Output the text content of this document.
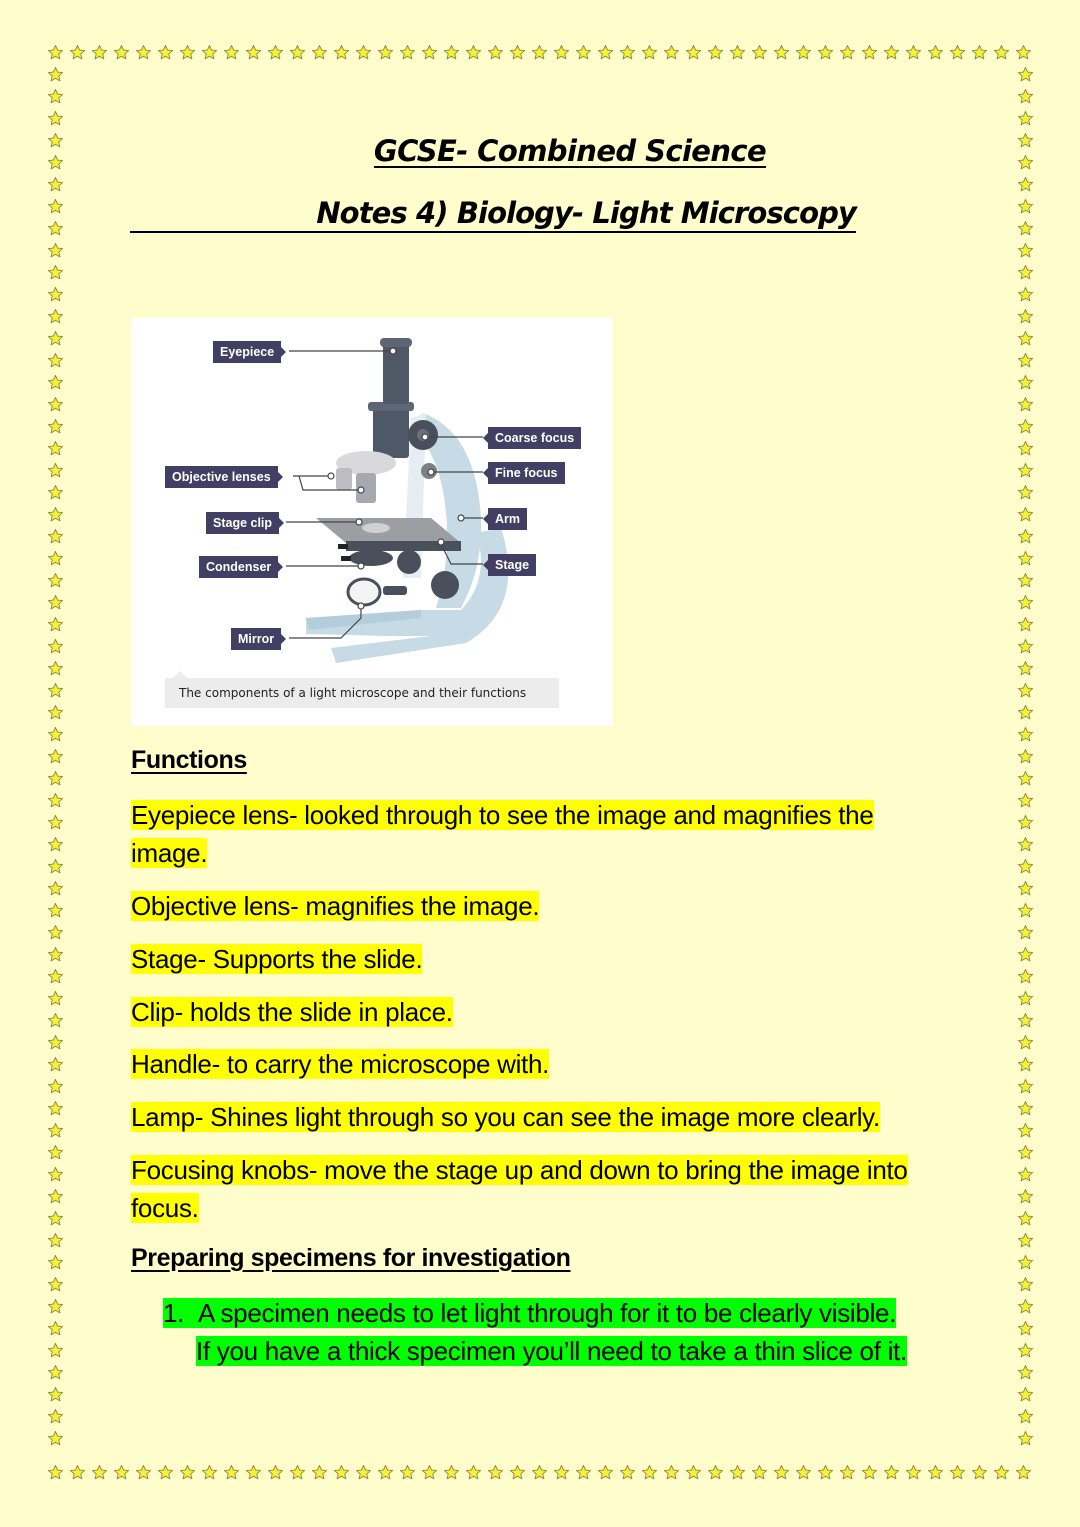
GCSE- Combined Science
Notes 4) Biology- Light Microscopy
Eyepiece
Objective lenses
Stage clip
Condenser
Mirror
Coarse focus
Fine focus
Arm
Stage
The components of a light microscope and their functions
Functions
Eyepiece lens- looked through to see the image and magnifies the
image.
Objective lens- magnifies the image.
Stage- Supports the slide.
Clip- holds the slide in place.
Handle- to carry the microscope with.
Lamp- Shines light through so you can see the image more clearly.
Focusing knobs- move the stage up and down to bring the image into
focus.
Preparing specimens for investigation
1. A specimen needs to let light through for it to be clearly visible.
If you have a thick specimen you’ll need to take a thin slice of it.
